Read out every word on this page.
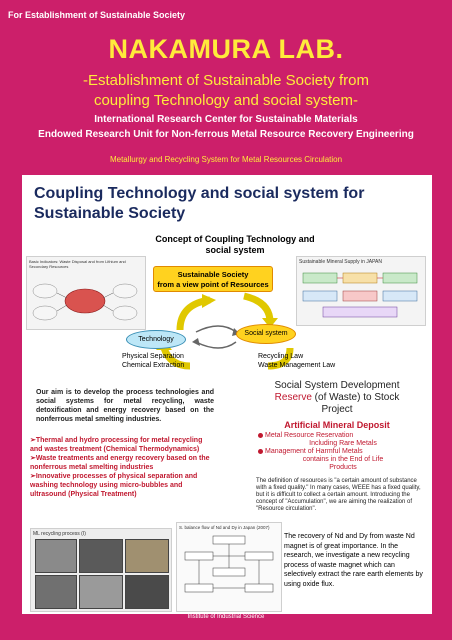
For Establishment of Sustainable Society
NAKAMURA LAB.
-Establishment of Sustainable Society from
coupling Technology and social system-
International Research Center for Sustainable Materials
Endowed Research Unit for Non-ferrous Metal Resource Recovery Engineering
Metallurgy and Recycling System for Metal Resources Circulation
Coupling Technology and social system for
Sustainable Society
Concept of Coupling Technology and
social system
Basic Indicators: Waste Disposal and from Lithium and Secondary Resources
Sustainable Mineral Supply in JAPAN
Sustainable Society
from a view point of Resources
Technology
Social system
Physical Separation
Chemical Extraction
Recycling Law
Waste Management Law
Our aim is to develop the process technologies and social systems for metal recycling, waste detoxification and energy recovery based on the nonferrous metal smelting industries.
➢Thermal and hydro processing for metal recycling and wastes treatment (Chemical Thermodynamics)
➢Waste treatments and energy recovery based on the nonferrous metal smelting industries
➢Innovative processes of physical separation and washing technology using micro-bubbles and ultrasound (Physical Treatment)
Social System Development
Reserve (of Waste) to Stock
Project
Artificial Mineral Deposit
Metal Resource Reservation
Including Rare Metals
Management of Harmful Metals
contains in the End of Life
Products
The definition of resources is "a certain amount of substance with a fixed quality." In many cases, WEEE has a fixed quality, but it is difficult to collect a certain amount. Introducing the concept of "Accumulation", we are aiming the realization of "Resource circulation".
ML recycling process (I)
S. balance flow of Nd and Dy in Japan (2007)
The recovery of Nd and Dy from waste Nd magnet is of great importance. In the research, we investigate a new recycling process of waste magnet which can selectively extract the rare earth elements by using oxide flux.
Institute of Industrial Science
